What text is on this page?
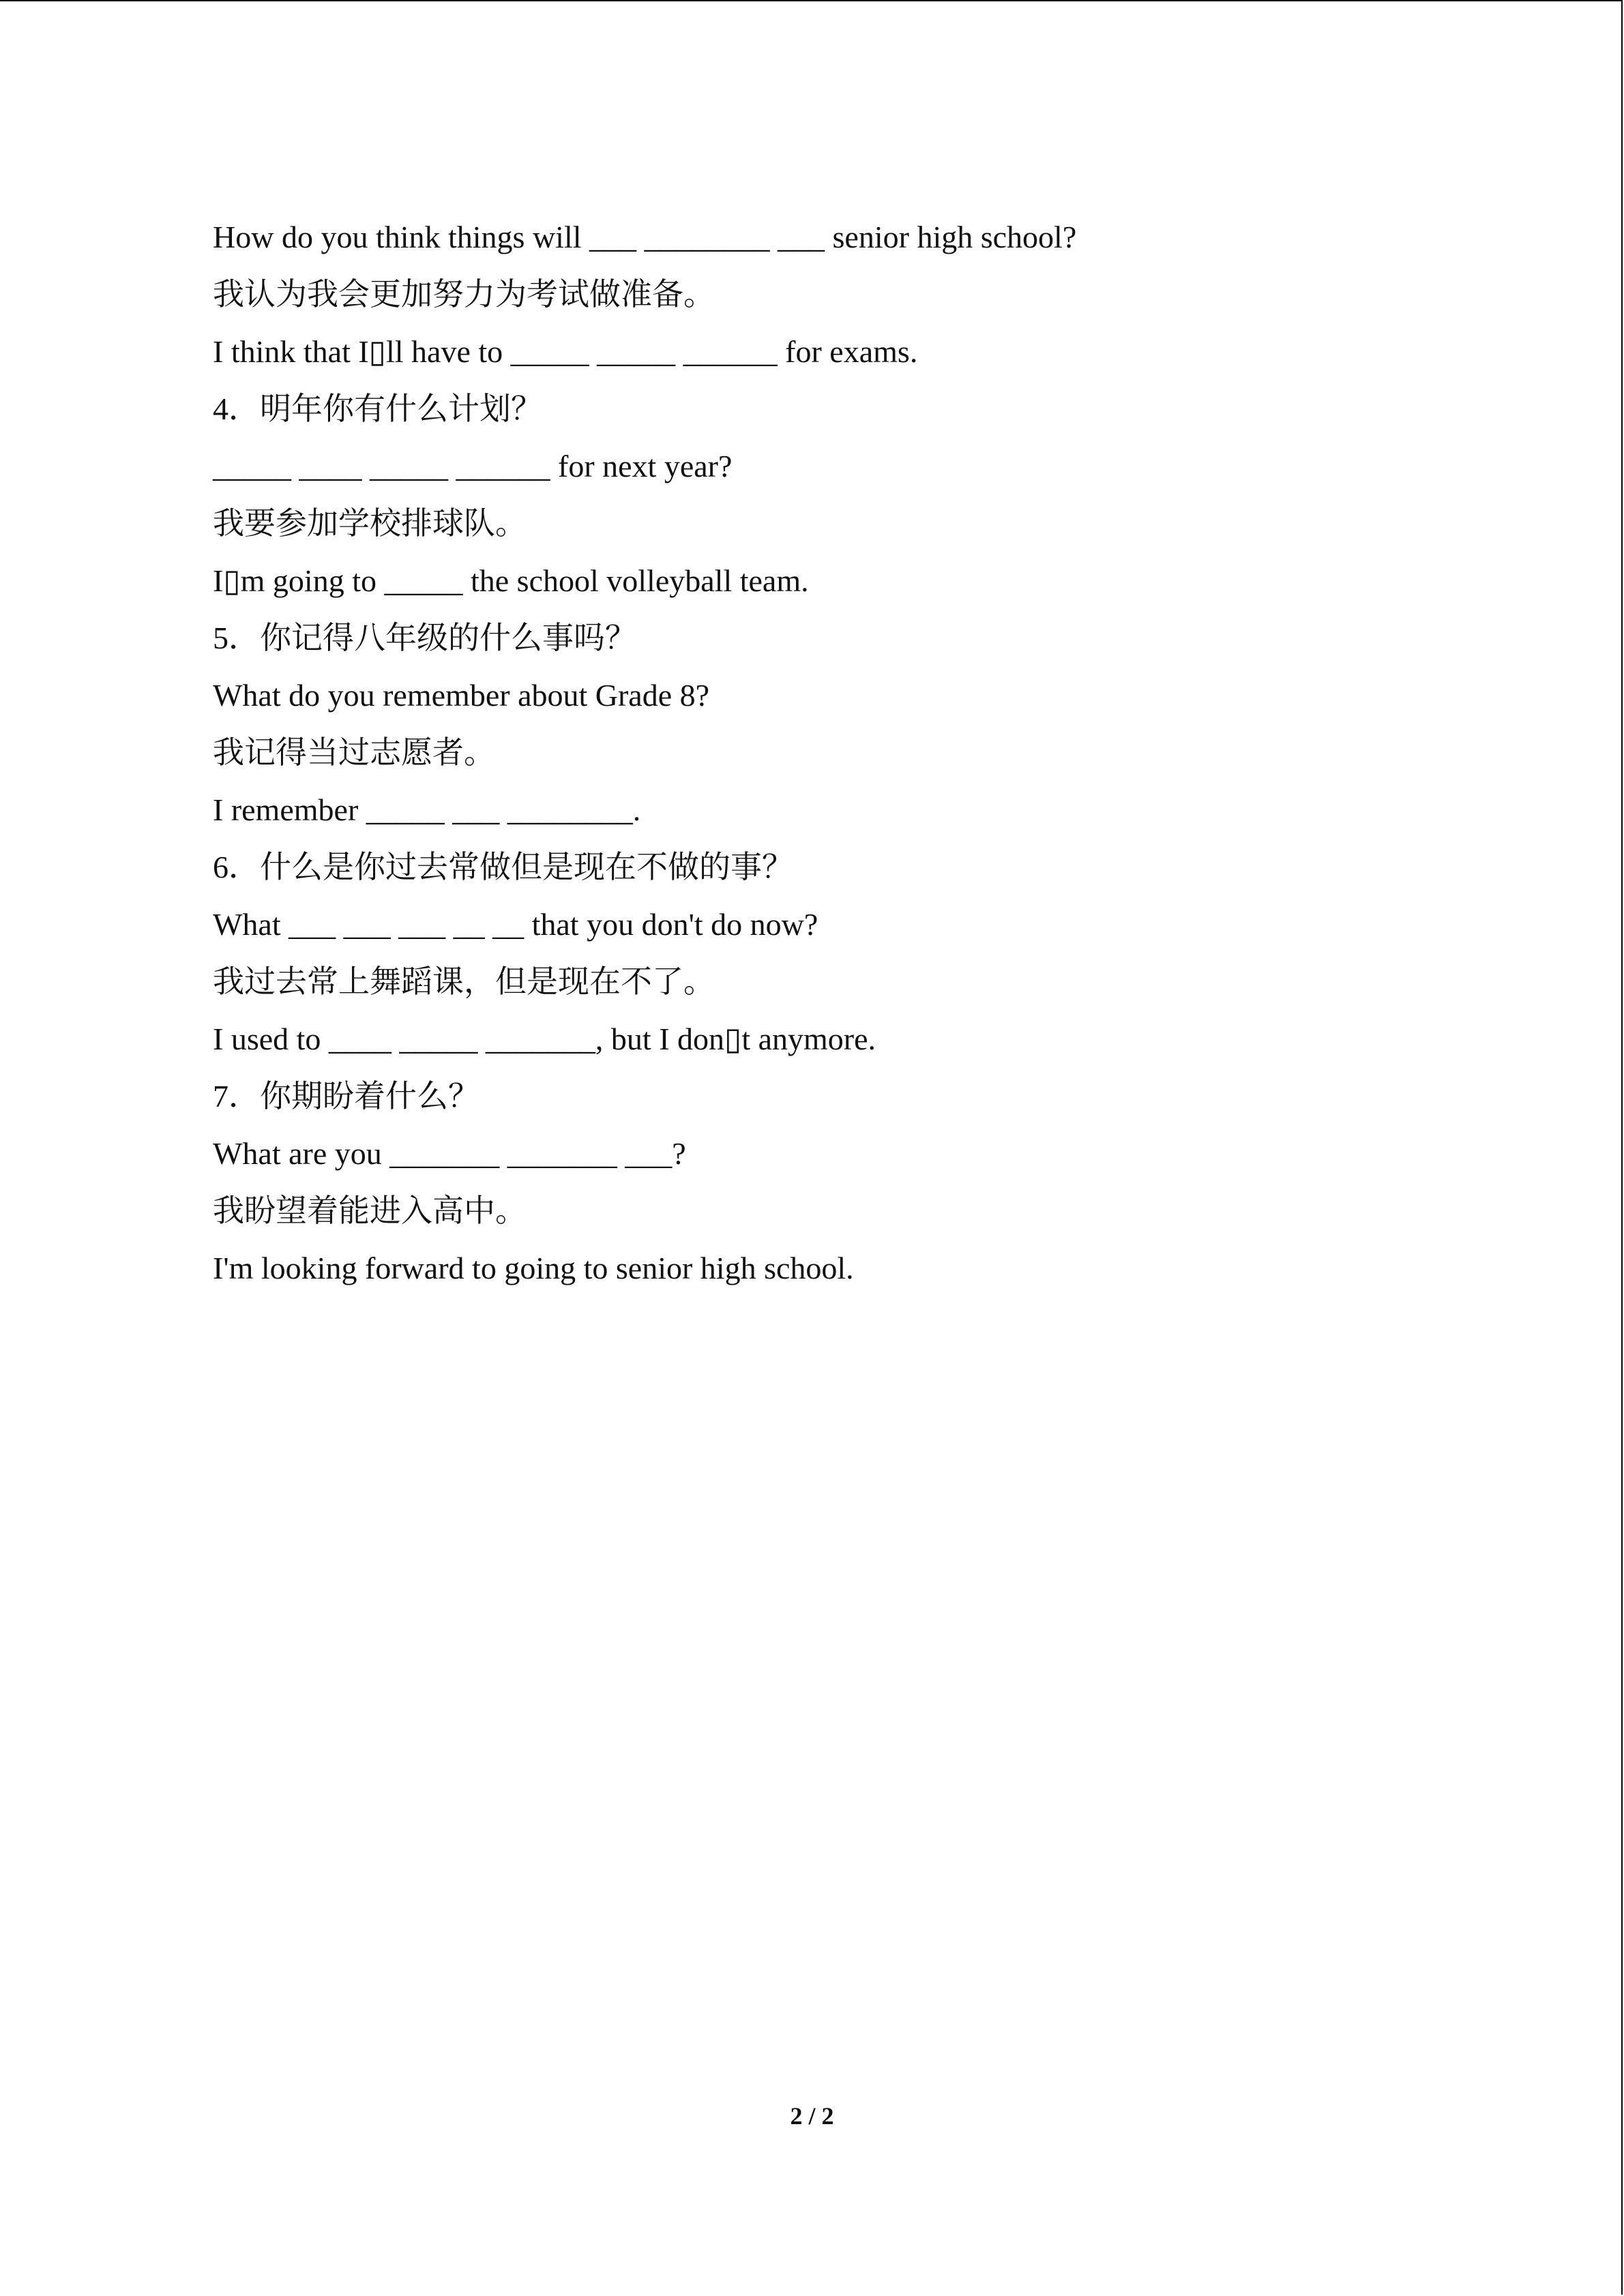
How do you think things will ___ ________ ___ senior high school?
我认为我会更加努力为考试做准备。
I think that I▯ll have to _____ _____ ______ for exams.
4．明年你有什么计划？
_____ ____ _____ ______ for next year?
我要参加学校排球队。
I▯m going to _____ the school volleyball team.
5．你记得八年级的什么事吗？
What do you remember about Grade 8?
我记得当过志愿者。
I remember _____ ___ ________.
6．什么是你过去常做但是现在不做的事？
What ___ ___ ___ __ __ that you don't do now?
我过去常上舞蹈课，但是现在不了。
I used to ____ _____ _______, but I don▯t anymore.
7．你期盼着什么？
What are you _______ _______ ___?
我盼望着能进入高中。
I'm looking forward to going to senior high school.
2 / 2
